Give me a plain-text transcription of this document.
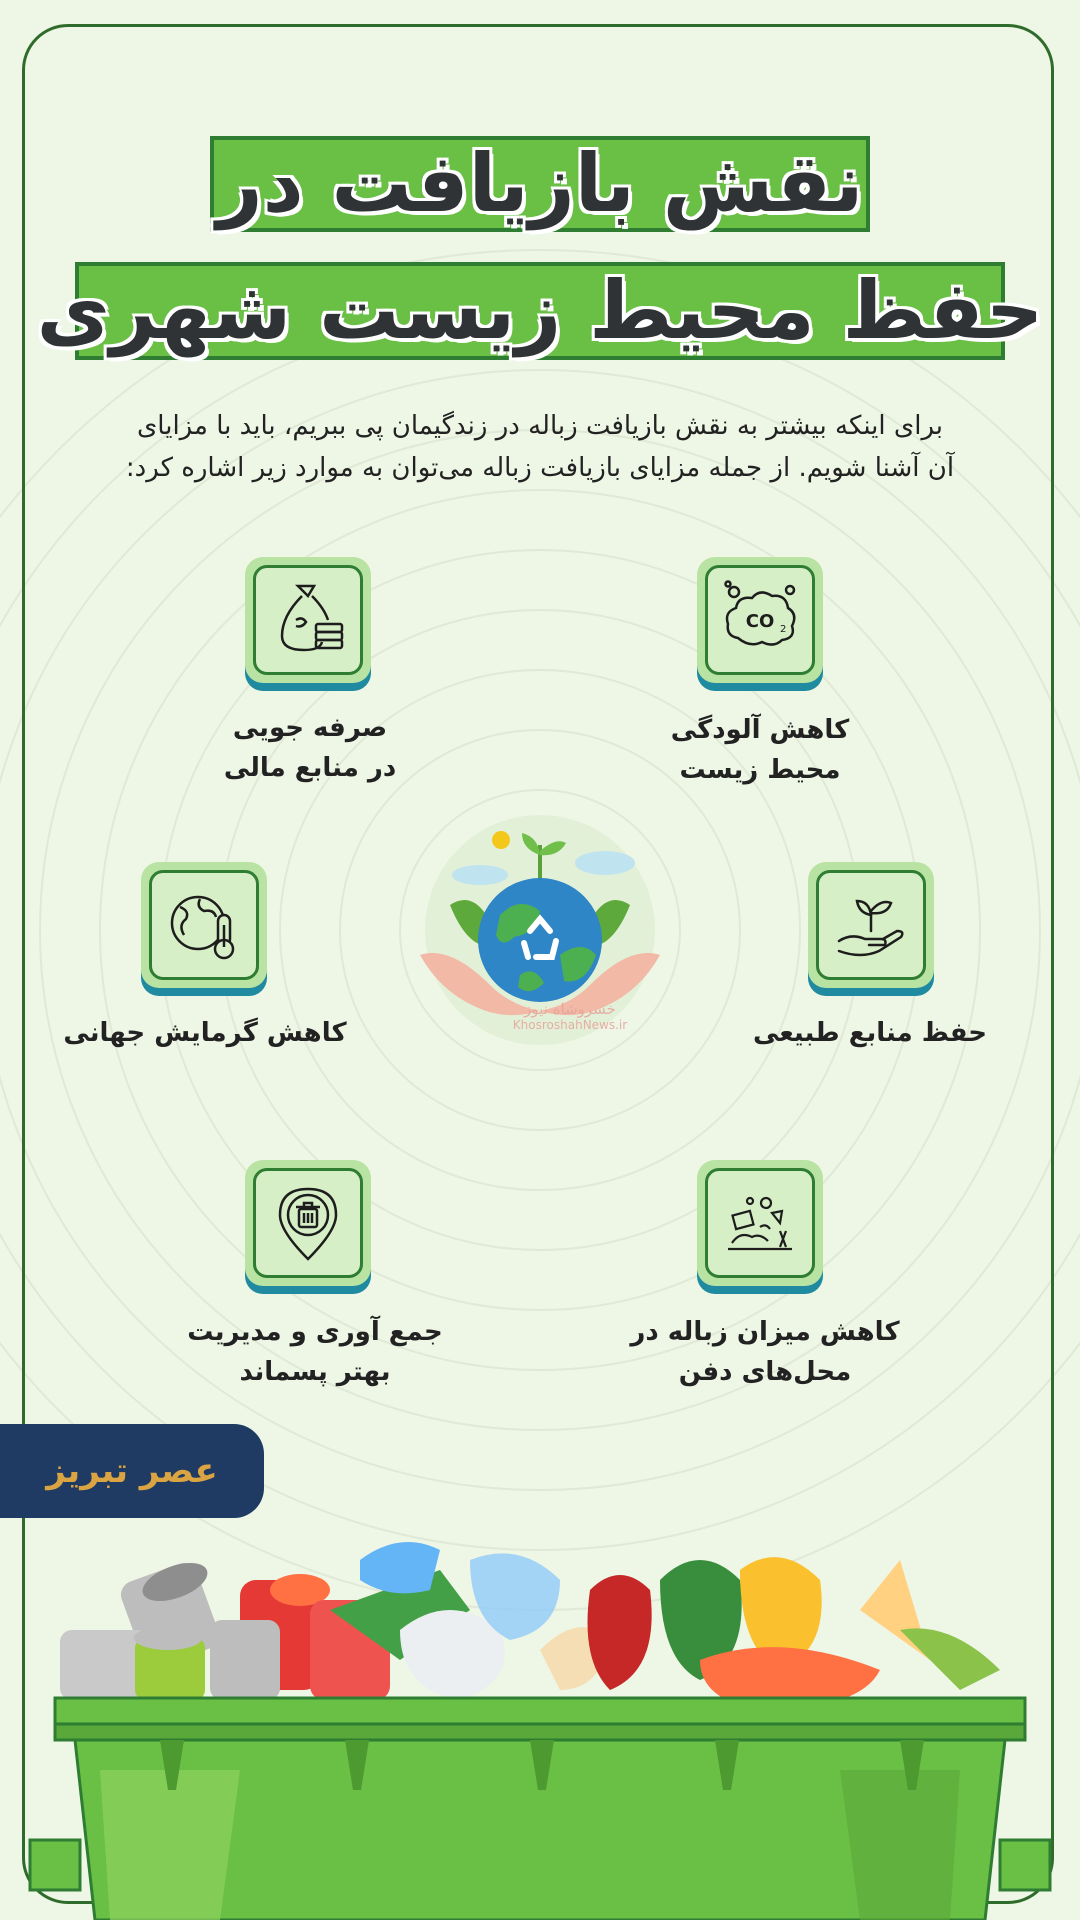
نقش بازیافت در
حفظ محیط زیست شهری

برای اینکه بیشتر به نقش بازیافت زباله در زندگیمان پی ببریم، باید با مزایای

آن آشنا شویم. از جمله مزایای بازیافت زباله می‌توان به موارد زیر اشاره کرد:

CO 2

کاهش آلودگی

محیط زیست

صرفه جویی

در منابع مالی

حفظ منابع طبیعی

کاهش گرمایش جهانی

کاهش میزان زباله در

محل‌های دفن

جمع آوری و مدیریت

بهتر پسماند

خسروشاه نیوز
KhosroshahNews.ir
عصر تبریز
